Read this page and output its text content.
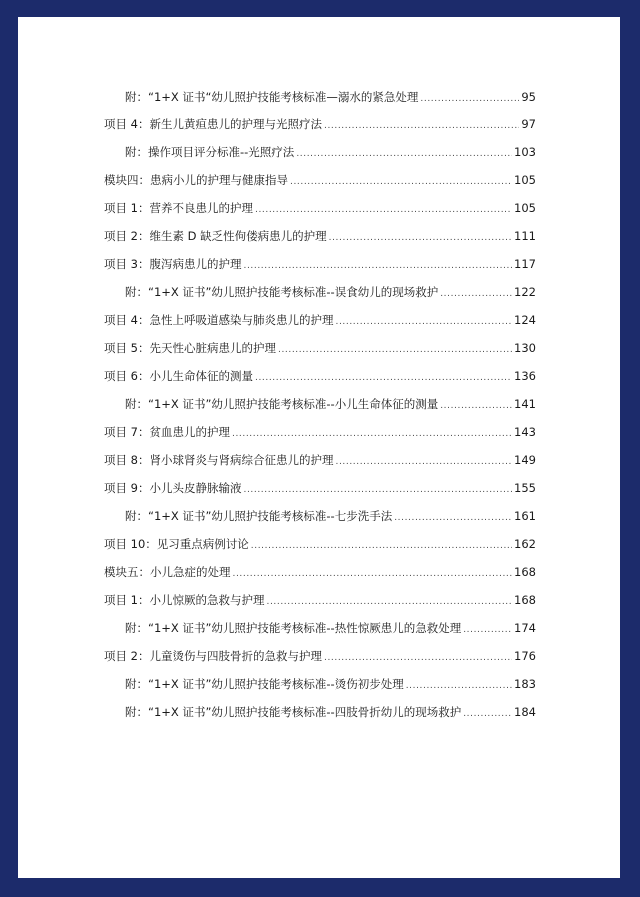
附：“1+X 证书“幼儿照护技能考核标准—溺水的紧急处理 .....	95
项目 4：新生儿黄疸患儿的护理与光照疗法 .....	97
附：操作项目评分标准--光照疗法 .....	103
模块四：患病小儿的护理与健康指导 .....	105
项目 1：营养不良患儿的护理 .....	105
项目 2：维生素 D 缺乏性佝偻病患儿的护理 .....	111
项目 3：腹泻病患儿的护理 .....	117
附：“1+X 证书”幼儿照护技能考核标准--误食幼儿的现场救护 .....	122
项目 4：急性上呼吸道感染与肺炎患儿的护理 .....	124
项目 5：先天性心脏病患儿的护理 .....	130
项目 6：小儿生命体征的测量 .....	136
附：“1+X 证书”幼儿照护技能考核标准--小儿生命体征的测量 .....	141
项目 7：贫血患儿的护理 .....	143
项目 8：肾小球肾炎与肾病综合征患儿的护理 .....	149
项目 9：小儿头皮静脉输液 .....	155
附：“1+X 证书”幼儿照护技能考核标准--七步洗手法 .....	161
项目 10：见习重点病例讨论 .....	162
模块五：小儿急症的处理 .....	168
项目 1：小儿惊厥的急救与护理 .....	168
附：“1+X 证书”幼儿照护技能考核标准--热性惊厥患儿的急救处理 .....	174
项目 2：儿童烫伤与四肢骨折的急救与护理 .....	176
附：“1+X 证书”幼儿照护技能考核标准--烫伤初步处理 .....	183
附：“1+X 证书”幼儿照护技能考核标准--四肢骨折幼儿的现场救护 .....	184
